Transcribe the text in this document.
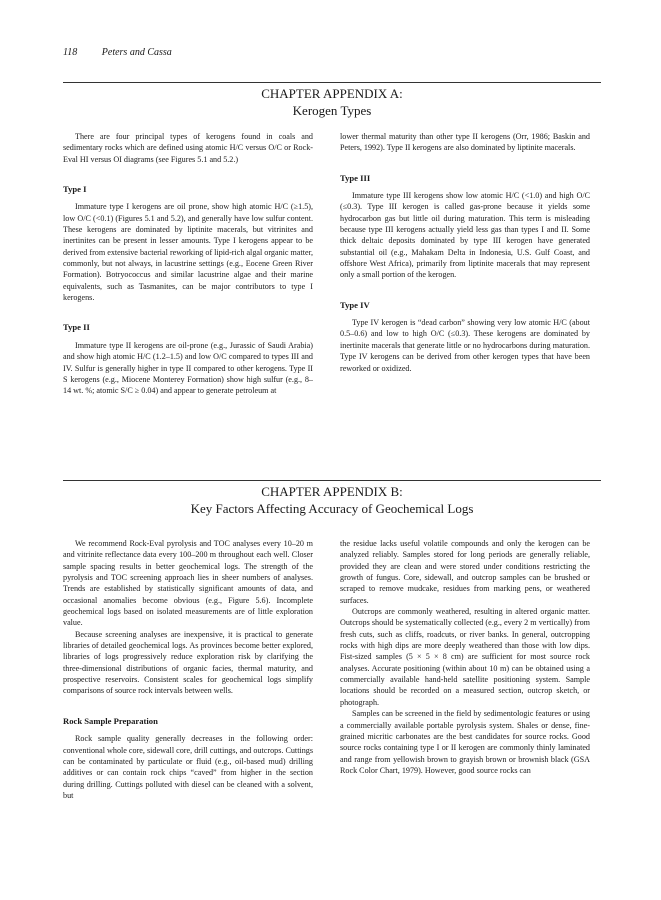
118 Peters and Cassa
CHAPTER APPENDIX A:
Kerogen Types

There are four principal types of kerogens found in coals and sedimentary rocks which are defined using atomic H/C versus O/C or Rock-Eval HI versus OI diagrams (see Figures 5.1 and 5.2.)

Type I

Immature type I kerogens are oil prone, show high atomic H/C (≥1.5), low O/C (<0.1) (Figures 5.1 and 5.2), and generally have low sulfur content. These kerogens are dominated by liptinite macerals, but vitrinites and inertinites can be present in lesser amounts. Type I kerogens appear to be derived from extensive bacterial reworking of lipid-rich algal organic matter, commonly, but not always, in lacustrine settings (e.g., Eocene Green River Formation). Botryococcus and similar lacustrine algae and their marine equivalents, such as Tasmanites, can be major contributors to type I kerogens.

Type II

Immature type II kerogens are oil-prone (e.g., Jurassic of Saudi Arabia) and show high atomic H/C (1.2–1.5) and low O/C compared to types III and IV. Sulfur is generally higher in type II compared to other kerogens. Type II S kerogens (e.g., Miocene Monterey Formation) show high sulfur (e.g., 8–14 wt. %; atomic S/C ≥ 0.04) and appear to generate petroleum at

lower thermal maturity than other type II kerogens (Orr, 1986; Baskin and Peters, 1992). Type II kerogens are also dominated by liptinite macerals.

Type III

Immature type III kerogens show low atomic H/C (<1.0) and high O/C (≤0.3). Type III kerogen is called gas-prone because it yields some hydrocarbon gas but little oil during maturation. This term is misleading because type III kerogens actually yield less gas than types I and II. Some thick deltaic deposits dominated by type III kerogen have generated substantial oil (e.g., Mahakam Delta in Indonesia, U.S. Gulf Coast, and offshore West Africa), primarily from liptinite macerals that may represent only a small portion of the kerogen.

Type IV

Type IV kerogen is “dead carbon” showing very low atomic H/C (about 0.5–0.6) and low to high O/C (≤0.3). These kerogens are dominated by inertinite macerals that generate little or no hydrocarbons during maturation. Type IV kerogens can be derived from other kerogen types that have been reworked or oxidized.

CHAPTER APPENDIX B:
Key Factors Affecting Accuracy of Geochemical Logs

We recommend Rock-Eval pyrolysis and TOC analyses every 10–20 m and vitrinite reflectance data every 100–200 m throughout each well. Closer sample spacing results in better geochemical logs. The strength of the pyrolysis and TOC screening approach lies in sheer numbers of analyses. Trends are established by statistically significant amounts of data, and occasional anomalies become obvious (e.g., Figure 5.6). Incomplete geochemical logs based on isolated measurements are of little exploration value.

Because screening analyses are inexpensive, it is practical to generate libraries of detailed geochemical logs. As provinces become better explored, libraries of logs progressively reduce exploration risk by clarifying the three-dimensional distributions of organic facies, thermal maturity, and prospective reservoirs. Consistent scales for geochemical logs simplify comparisons of source rock intervals between wells.

Rock Sample Preparation

Rock sample quality generally decreases in the following order: conventional whole core, sidewall core, drill cuttings, and outcrops. Cuttings can be contaminated by particulate or fluid (e.g., oil-based mud) drilling additives or can contain rock chips “caved” from higher in the section during drilling. Cuttings polluted with diesel can be cleaned with a solvent, but

the residue lacks useful volatile compounds and only the kerogen can be analyzed reliably. Samples stored for long periods are generally reliable, provided they are clean and were stored under conditions restricting the growth of fungus. Core, sidewall, and outcrop samples can be brushed or scraped to remove mudcake, residues from marking pens, or weathered surfaces.

Outcrops are commonly weathered, resulting in altered organic matter. Outcrops should be systematically collected (e.g., every 2 m vertically) from fresh cuts, such as cliffs, roadcuts, or river banks. In general, outcropping rocks with high dips are more deeply weathered than those with low dips. Fist-sized samples (5 × 5 × 8 cm) are sufficient for most source rock analyses. Accurate positioning (within about 10 m) can be obtained using a commercially available hand-held satellite positioning system. Sample locations should be recorded on a measured section, outcrop sketch, or photograph.

Samples can be screened in the field by sedimentologic features or using a commercially available portable pyrolysis system. Shales or dense, fine-grained micritic carbonates are the best candidates for source rocks. Good source rocks containing type I or II kerogen are commonly thinly laminated and range from yellowish brown to grayish brown or brownish black (GSA Rock Color Chart, 1979). However, good source rocks can
